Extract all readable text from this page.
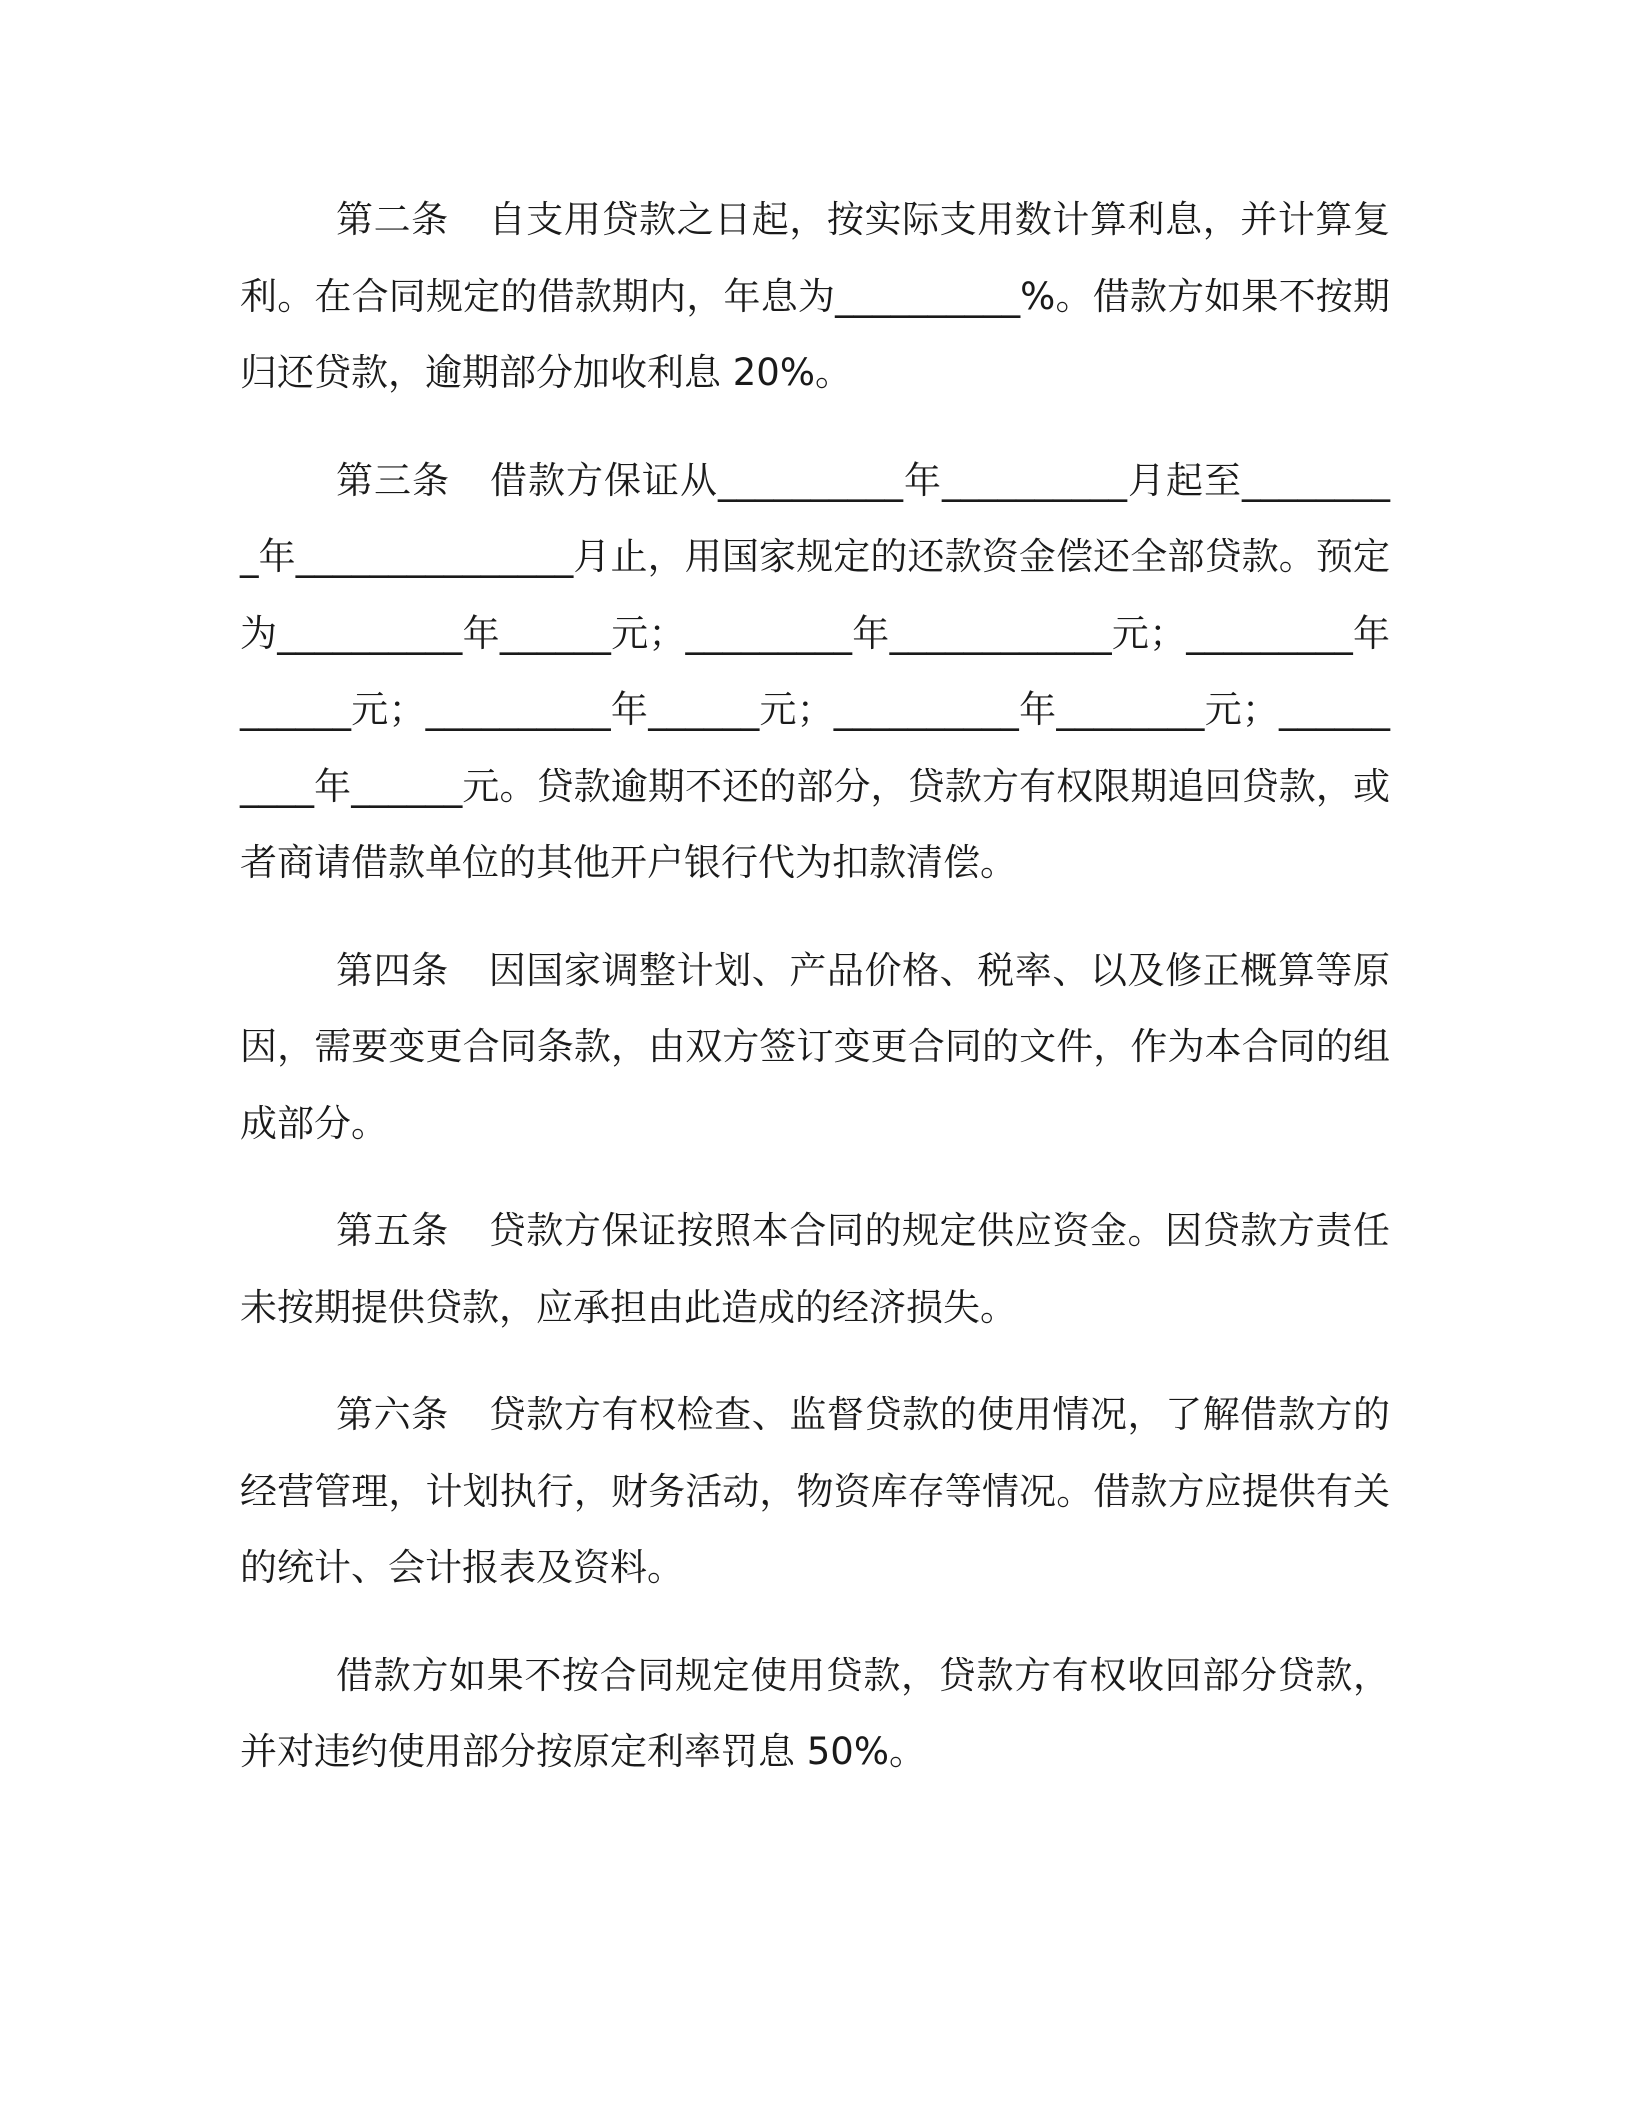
第二条 自支用贷款之日起，按实际支用数计算利息，并计算复利。在合同规定的借款期内，年息为__________%。借款方如果不按期归还贷款，逾期部分加收利息 20%。

第三条 借款方保证从__________年__________月起至_________年_______________月止，用国家规定的还款资金偿还全部贷款。预定为__________年______元；_________年____________元；_________年______元；__________年______元；__________年________元；__________年______元。贷款逾期不还的部分，贷款方有权限期追回贷款，或者商请借款单位的其他开户银行代为扣款清偿。

第四条 因国家调整计划、产品价格、税率、以及修正概算等原因，需要变更合同条款，由双方签订变更合同的文件，作为本合同的组成部分。

第五条 贷款方保证按照本合同的规定供应资金。因贷款方责任未按期提供贷款，应承担由此造成的经济损失。

第六条 贷款方有权检查、监督贷款的使用情况，了解借款方的经营管理，计划执行，财务活动，物资库存等情况。借款方应提供有关的统计、会计报表及资料。

借款方如果不按合同规定使用贷款，贷款方有权收回部分贷款，并对违约使用部分按原定利率罚息 50%。
